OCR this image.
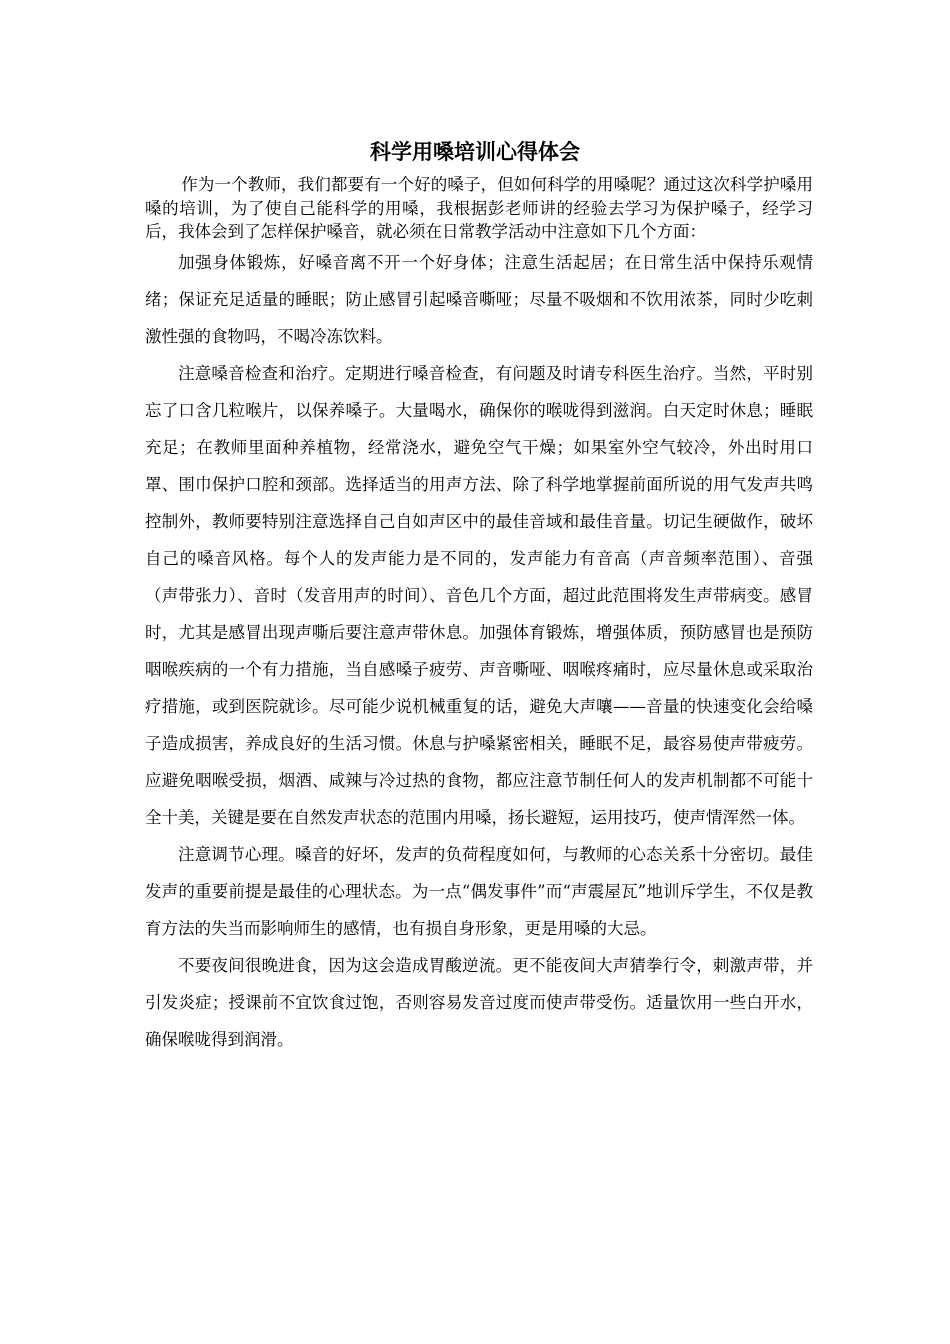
科学用嗓培训心得体会

作为一个教师，我们都要有一个好的嗓子，但如何科学的用嗓呢？通过这次科学护嗓用嗓的培训，为了使自己能科学的用嗓，我根据彭老师讲的经验去学习为保护嗓子，经学习后，我体会到了怎样保护嗓音，就必须在日常教学活动中注意如下几个方面：

加强身体锻炼，好嗓音离不开一个好身体；注意生活起居；在日常生活中保持乐观情绪；保证充足适量的睡眠；防止感冒引起嗓音嘶哑；尽量不吸烟和不饮用浓茶，同时少吃刺激性强的食物吗，不喝冷冻饮料。

注意嗓音检查和治疗。定期进行嗓音检查，有问题及时请专科医生治疗。当然，平时别忘了口含几粒喉片，以保养嗓子。大量喝水，确保你的喉咙得到滋润。白天定时休息；睡眠充足；在教师里面种养植物，经常浇水，避免空气干燥；如果室外空气较冷，外出时用口罩、围巾保护口腔和颈部。选择适当的用声方法、除了科学地掌握前面所说的用气发声共鸣控制外，教师要特别注意选择自己自如声区中的最佳音域和最佳音量。切记生硬做作，破坏自己的嗓音风格。每个人的发声能力是不同的，发声能力有音高（声音频率范围）、音强（声带张力）、音时（发音用声的时间）、音色几个方面，超过此范围将发生声带病变。感冒时，尤其是感冒出现声嘶后要注意声带休息。加强体育锻炼，增强体质，预防感冒也是预防咽喉疾病的一个有力措施，当自感嗓子疲劳、声音嘶哑、咽喉疼痛时，应尽量休息或采取治疗措施，或到医院就诊。尽可能少说机械重复的话，避免大声嚷——音量的快速变化会给嗓子造成损害，养成良好的生活习惯。休息与护嗓紧密相关，睡眠不足，最容易使声带疲劳。应避免咽喉受损，烟酒、咸辣与冷过热的食物，都应注意节制任何人的发声机制都不可能十全十美，关键是要在自然发声状态的范围内用嗓，扬长避短，运用技巧，使声情浑然一体。

注意调节心理。嗓音的好坏，发声的负荷程度如何，与教师的心态关系十分密切。最佳发声的重要前提是最佳的心理状态。为一点“偶发事件”而“声震屋瓦”地训斥学生，不仅是教育方法的失当而影响师生的感情，也有损自身形象，更是用嗓的大忌。

不要夜间很晚进食，因为这会造成胃酸逆流。更不能夜间大声猜拳行令，刺激声带，并引发炎症；授课前不宜饮食过饱，否则容易发音过度而使声带受伤。适量饮用一些白开水，确保喉咙得到润滑。
